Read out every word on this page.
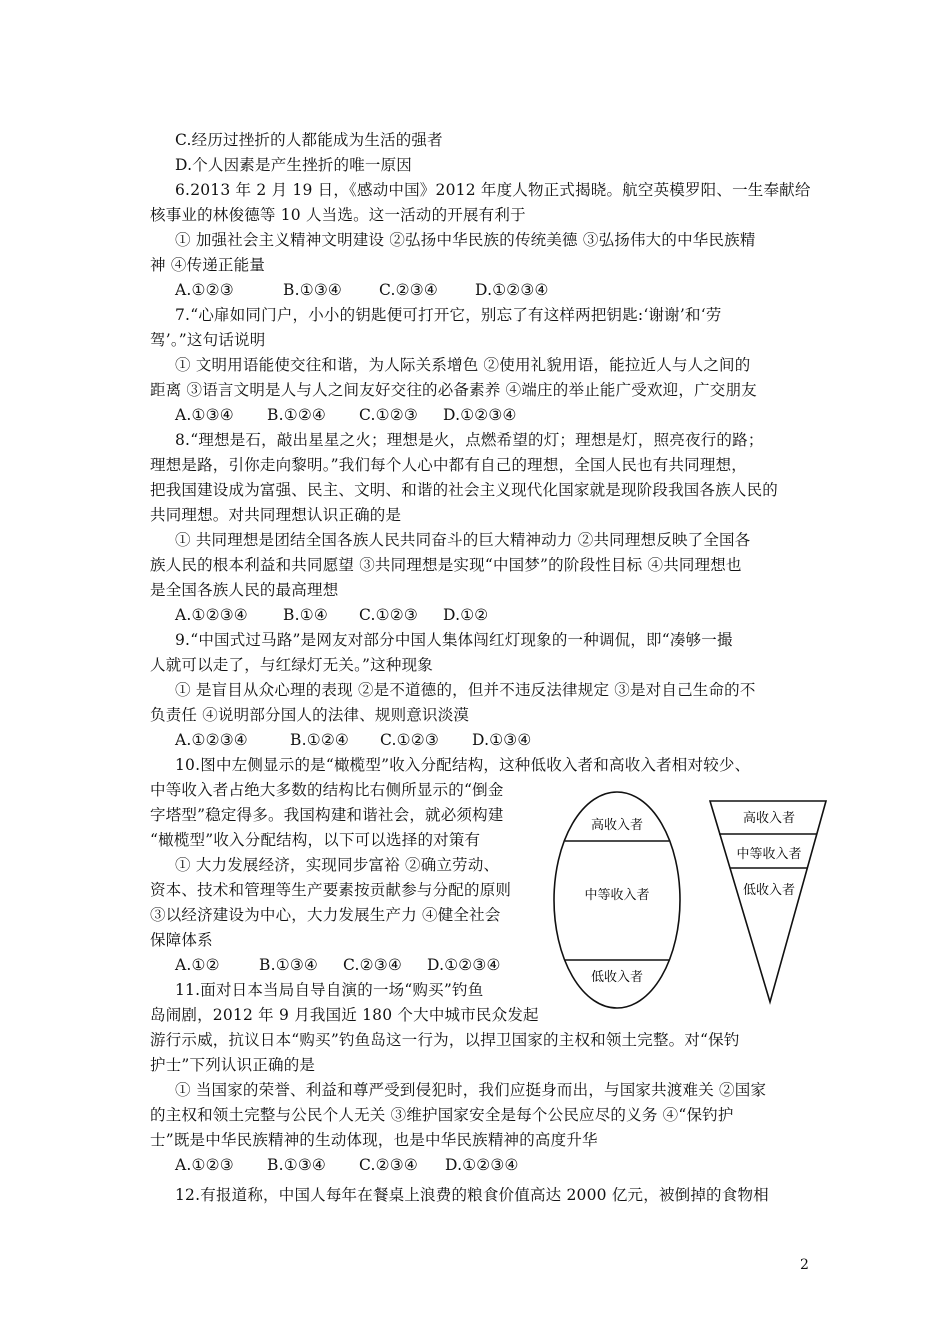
C.经历过挫折的人都能成为生活的强者
D.个人因素是产生挫折的唯一原因
6.2013 年 2 月 19 日，《感动中国》2012 年度人物正式揭晓。航空英模罗阳、一生奉献给
核事业的林俊德等 10 人当选。这一活动的开展有利于
① 加强社会主义精神文明建设 ②弘扬中华民族的传统美德 ③弘扬伟大的中华民族精
神 ④传递正能量
A.①②③	B.①③④ C.②③④ D.①②③④
7.“心扉如同门户，小小的钥匙便可打开它，别忘了有这样两把钥匙:‘谢谢’和‘劳
驾’。”这句话说明
① 文明用语能使交往和谐，为人际关系增色 ②使用礼貌用语，能拉近人与人之间的
距离 ③语言文明是人与人之间友好交往的必备素养 ④端庄的举止能广受欢迎，广交朋友
A.①③④ B.①②④ C.①②③ D.①②③④
8.“理想是石，敲出星星之火；理想是火，点燃希望的灯；理想是灯，照亮夜行的路；
理想是路，引你走向黎明。”我们每个人心中都有自己的理想，全国人民也有共同理想，
把我国建设成为富强、民主、文明、和谐的社会主义现代化国家就是现阶段我国各族人民的
共同理想。对共同理想认识正确的是
① 共同理想是团结全国各族人民共同奋斗的巨大精神动力 ②共同理想反映了全国各
族人民的根本利益和共同愿望 ③共同理想是实现“中国梦”的阶段性目标 ④共同理想也
是全国各族人民的最高理想
A.①②③④ B.①④ C.①②③ D.①②
9.“中国式过马路”是网友对部分中国人集体闯红灯现象的一种调侃，即“凑够一撮
人就可以走了，与红绿灯无关。”这种现象
① 是盲目从众心理的表现 ②是不道德的，但并不违反法律规定 ③是对自己生命的不
负责任 ④说明部分国人的法律、规则意识淡漠
A.①②③④	B.①②④ C.①②③ D.①③④
10.图中左侧显示的是“橄榄型”收入分配结构，这种低收入者和高收入者相对较少、
中等收入者占绝大多数的结构比右侧所显示的“倒金
字塔型”稳定得多。我国构建和谐社会，就必须构建
“橄榄型”收入分配结构，以下可以选择的对策有
① 大力发展经济，实现同步富裕 ②确立劳动、
资本、技术和管理等生产要素按贡献参与分配的原则
③以经济建设为中心，大力发展生产力 ④健全社会
保障体系
A.①②	B.①③④ C.②③④ D.①②③④
11.面对日本当局自导自演的一场“购买”钓鱼
岛闹剧，2012 年 9 月我国近 180 个大中城市民众发起
游行示威，抗议日本“购买”钓鱼岛这一行为，以捍卫国家的主权和领土完整。对“保钓
护士”下列认识正确的是
① 当国家的荣誉、利益和尊严受到侵犯时，我们应挺身而出，与国家共渡难关 ②国家
的主权和领土完整与公民个人无关 ③维护国家安全是每个公民应尽的义务 ④“保钓护
士”既是中华民族精神的生动体现，也是中华民族精神的高度升华
A.①②③ B.①③④ C.②③④ D.①②③④
12.有报道称，中国人每年在餐桌上浪费的粮食价值高达 2000 亿元，被倒掉的食物相
高收入者
中等收入者
低收入者
高收入者
中等收入者
低收入者
2
